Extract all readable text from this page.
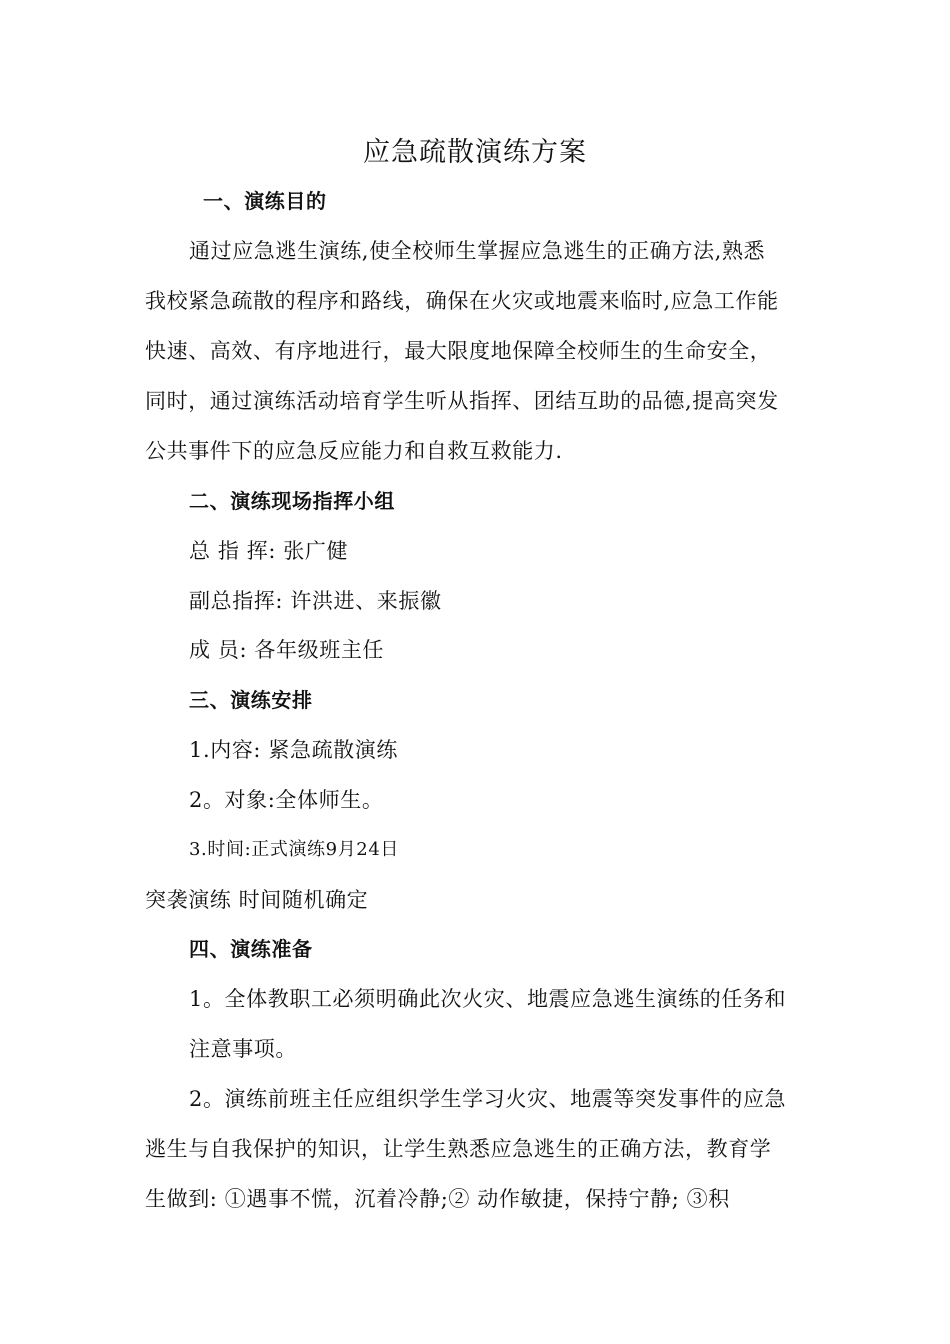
应急疏散演练方案
一、演练目的
通过应急逃生演练,使全校师生掌握应急逃生的正确方法,熟悉
我校紧急疏散的程序和路线，确保在火灾或地震来临时,应急工作能
快速、高效、有序地进行，最大限度地保障全校师生的生命安全，
同时，通过演练活动培育学生听从指挥、团结互助的品德,提高突发
公共事件下的应急反应能力和自救互救能力.
二、演练现场指挥小组
总 指 挥: 张广健
副总指挥: 许洪进、来振徽
成 员: 各年级班主任
三、演练安排
1.内容: 紧急疏散演练
2。对象:全体师生。
3.时间:正式演练9月24日
突袭演练 时间随机确定
四、演练准备
1。全体教职工必须明确此次火灾、地震应急逃生演练的任务和
注意事项。
2。演练前班主任应组织学生学习火灾、地震等突发事件的应急
逃生与自我保护的知识，让学生熟悉应急逃生的正确方法，教育学
生做到: ①遇事不慌，沉着冷静;② 动作敏捷，保持宁静; ③积
